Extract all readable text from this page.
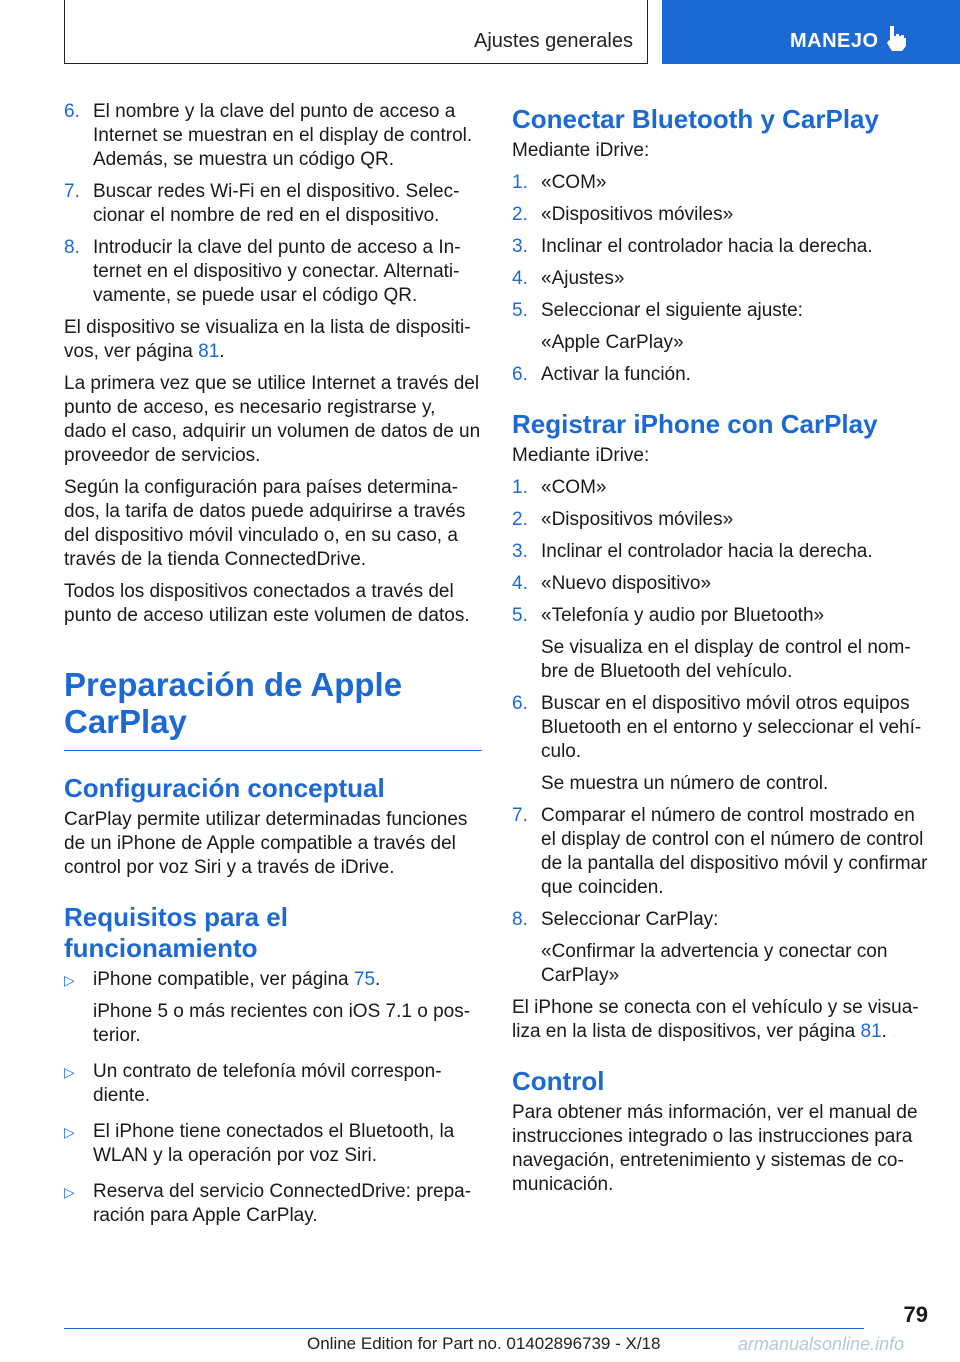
Ajustes generales	MANEJO
6. El nombre y la clave del punto de acceso a Internet se muestran en el display de control. Además, se muestra un código QR.
7. Buscar redes Wi-Fi en el dispositivo. Seleccionar el nombre de red en el dispositivo.
8. Introducir la clave del punto de acceso a Internet en el dispositivo y conectar. Alternativamente, se puede usar el código QR.

El dispositivo se visualiza en la lista de dispositivos, ver página 81.

La primera vez que se utilice Internet a través del punto de acceso, es necesario registrarse y, dado el caso, adquirir un volumen de datos de un proveedor de servicios.

Según la configuración para países determinados, la tarifa de datos puede adquirirse a través del dispositivo móvil vinculado o, en su caso, a través de la tienda ConnectedDrive.

Todos los dispositivos conectados a través del punto de acceso utilizan este volumen de datos.

Preparación de Apple CarPlay
Configuración conceptual

CarPlay permite utilizar determinadas funciones de un iPhone de Apple compatible a través del control por voz Siri y a través de iDrive.

Requisitos para el funcionamiento
▷ iPhone compatible, ver página 75.
iPhone 5 o más recientes con iOS 7.1 o posterior.
▷ Un contrato de telefonía móvil correspondiente.
▷ El iPhone tiene conectados el Bluetooth, la WLAN y la operación por voz Siri.
▷ Reserva del servicio ConnectedDrive: preparación para Apple CarPlay.
Conectar Bluetooth y CarPlay

Mediante iDrive:

1. «COM»
2. «Dispositivos móviles»
3. Inclinar el controlador hacia la derecha.
4. «Ajustes»
5. Seleccionar el siguiente ajuste:
«Apple CarPlay»
6. Activar la función.
Registrar iPhone con CarPlay

Mediante iDrive:

1. «COM»
2. «Dispositivos móviles»
3. Inclinar el controlador hacia la derecha.
4. «Nuevo dispositivo»
5. «Telefonía y audio por Bluetooth»
Se visualiza en el display de control el nombre de Bluetooth del vehículo.
6. Buscar en el dispositivo móvil otros equipos Bluetooth en el entorno y seleccionar el vehículo.
Se muestra un número de control.
7. Comparar el número de control mostrado en el display de control con el número de control de la pantalla del dispositivo móvil y confirmar que coinciden.
8. Seleccionar CarPlay:
«Confirmar la advertencia y conectar con CarPlay»

El iPhone se conecta con el vehículo y se visualiza en la lista de dispositivos, ver página 81.

Control

Para obtener más información, ver el manual de instrucciones integrado o las instrucciones para navegación, entretenimiento y sistemas de comunicación.

79
Online Edition for Part no. 01402896739 - X/18	armanualsonline.info
